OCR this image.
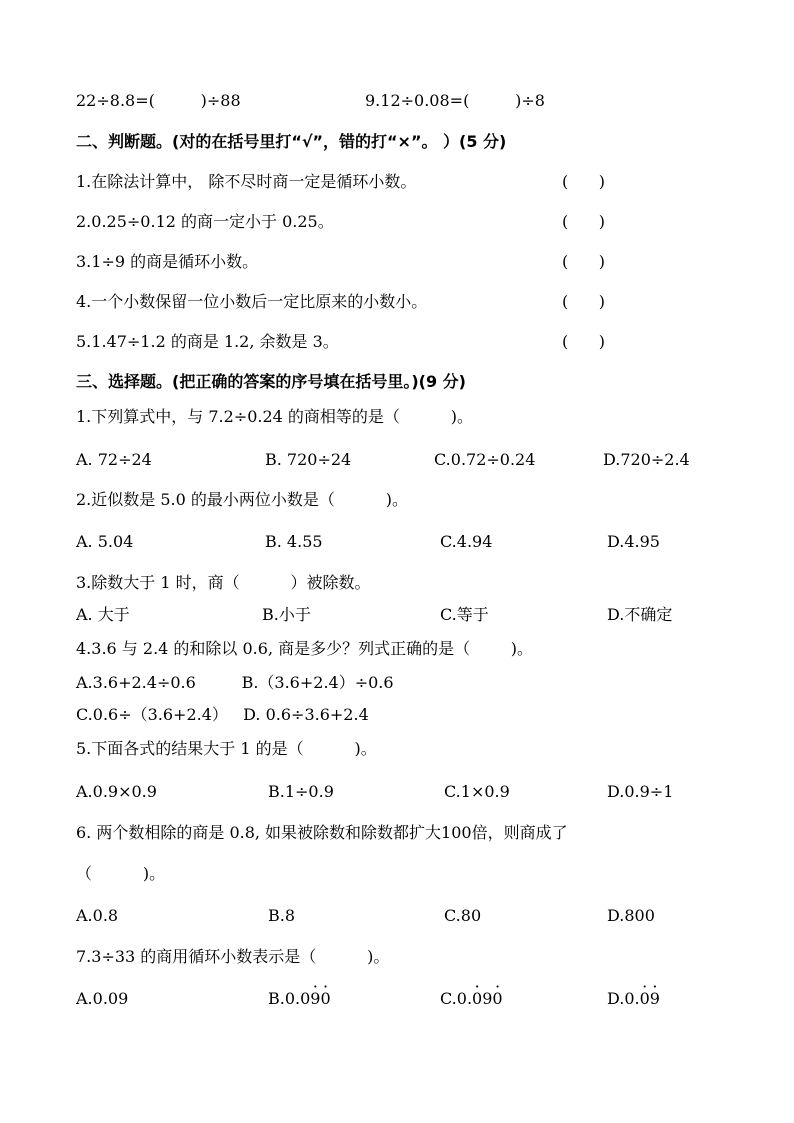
22÷8.8=(         )÷88	9.12÷0.08=(         )÷8
二、判断题。(对的在括号里打“√”，错的打“×”。 ）(5 分)
1.在除法计算中， 除不尽时商一定是循环小数。	(      )
2.0.25÷0.12 的商一定小于 0.25。	(      )
3.1÷9 的商是循环小数。	(      )
4.一个小数保留一位小数后一定比原来的小数小。	(      )
5.1.47÷1.2 的商是 1.2, 余数是 3。	(      )
三、选择题。(把正确的答案的序号填在括号里。)(9 分)
1.下列算式中，与 7.2÷0.24 的商相等的是（          )。
A. 72÷24	B. 720÷24	C.0.72÷0.24	D.720÷2.4
2.近似数是 5.0 的最小两位小数是（          )。
A. 5.04	B. 4.55	C.4.94	D.4.95
3.除数大于 1 时，商（          ）被除数。
A. 大于	B.小于	C.等于	D.不确定
4.3.6 与 2.4 的和除以 0.6, 商是多少？列式正确的是（        )。
A.3.6+2.4÷0.6         B.（3.6+2.4）÷0.6
C.0.6÷（3.6+2.4）   D. 0.6÷3.6+2.4
5.下面各式的结果大于 1 的是（          )。
A.0.9×0.9	B.1÷0.9	C.1×0.9	D.0.9÷1
6. 两个数相除的商是 0.8, 如果被除数和除数都扩大100倍，则商成了
（          )。
A.0.8	B.8	C.80	D.800
7.3÷33 的商用循环小数表示是（          )。
A.0.09	B.0.0· 9· 0	C.0.· 09· 0	D.0.· 0· 9
